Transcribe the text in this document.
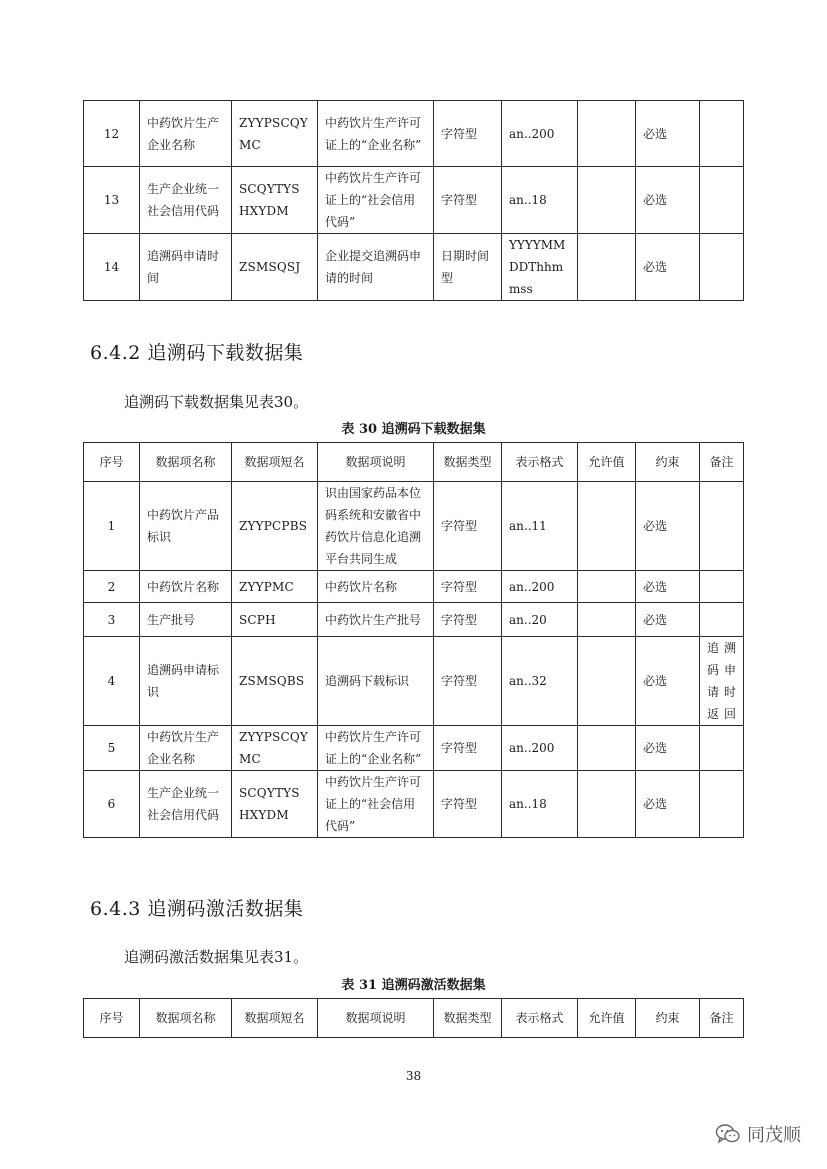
12	中药饮片生产企业名称	ZYYPSCQYMC	中药饮片生产许可证上的“企业名称”	字符型	an..200		必选	
13	生产企业统一社会信用代码	SCQYTYSHXYDM	中药饮片生产许可证上的“社会信用代码”	字符型	an..18		必选	
14	追溯码申请时间	ZSMSQSJ	企业提交追溯码申请的时间	日期时间型	YYYYMMDDThhmmss		必选	
6.4.2 追溯码下载数据集
追溯码下载数据集见表30。
表 30 追溯码下载数据集
序号	数据项名称	数据项短名	数据项说明	数据类型	表示格式	允许值	约束	备注
1	中药饮片产品标识	ZYYPCPBS	识由国家药品本位码系统和安徽省中药饮片信息化追溯平台共同生成	字符型	an..11		必选	
2	中药饮片名称	ZYYPMC	中药饮片名称	字符型	an..200		必选	
3	生产批号	SCPH	中药饮片生产批号	字符型	an..20		必选	
4	追溯码申请标识	ZSMSQBS	追溯码下载标识	字符型	an..32		必选	追溯码申请时返回
5	中药饮片生产企业名称	ZYYPSCQYMC	中药饮片生产许可证上的“企业名称”	字符型	an..200		必选	
6	生产企业统一社会信用代码	SCQYTYSHXYDM	中药饮片生产许可证上的“社会信用代码”	字符型	an..18		必选	
6.4.3 追溯码激活数据集
追溯码激活数据集见表31。
表 31 追溯码激活数据集
序号	数据项名称	数据项短名	数据项说明	数据类型	表示格式	允许值	约束	备注
38
同茂顺
